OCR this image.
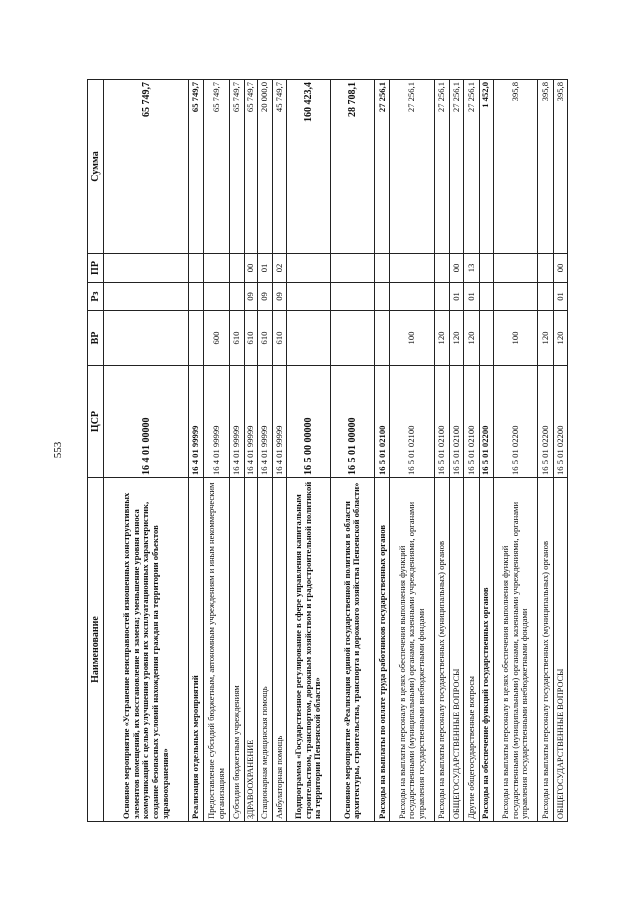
553
Наименование	ЦСР	ВР	Рз	ПР	Сумма
Основное мероприятие «Устранение неисправностей изношенных конструктивных элементов помещений, их восстановление и замена; уменьшение уровня износа коммуникаций с целью улучшения уровня их эксплуатационных характеристик, создание безопасных условий нахождения граждан на территории объектов здравоохранения»	16 4 01 00000				65 749,7
Реализация отдельных мероприятий	16 4 01 99999				65 749,7
Предоставление субсидий бюджетным, автономным учреждениям и иным некоммерческим организациям	16 4 01 99999	600			65 749,7
Субсидии бюджетным учреждениям	16 4 01 99999	610			65 749,7
ЗДРАВООХРАНЕНИЕ	16 4 01 99999	610	09	00	65 749,7
Стационарная медицинская помощь	16 4 01 99999	610	09	01	20 000,0
Амбулаторная помощь	16 4 01 99999	610	09	02	45 749,7
Подпрограмма «Государственное регулирование в сфере управления капитальным строительством, транспортом, дорожным хозяйством и градостроительной политикой на территории Пензенской области»	16 5 00 00000				160 423,4
Основное мероприятие «Реализация единой государственной политики в области архитектуры, строительства, транспорта и дорожного хозяйства Пензенской области»	16 5 01 00000				28 708,1
Расходы на выплаты по оплате труда работников государственных органов	16 5 01 02100				27 256,1
Расходы на выплаты персоналу в целях обеспечения выполнения функций государственными (муниципальными) органами, казенными учреждениями, органами управления государственными внебюджетными фондами	16 5 01 02100	100			27 256,1
Расходы на выплаты персоналу государственных (муниципальных) органов	16 5 01 02100	120			27 256,1
ОБЩЕГОСУДАРСТВЕННЫЕ ВОПРОСЫ	16 5 01 02100	120	01	00	27 256,1
Другие общегосударственные вопросы	16 5 01 02100	120	01	13	27 256,1
Расходы на обеспечение функций государственных органов	16 5 01 02200				1 452,0
Расходы на выплаты персоналу в целях обеспечения выполнения функций государственными (муниципальными) органами, казенными учреждениями, органами управления государственными внебюджетными фондами	16 5 01 02200	100			395,8
Расходы на выплаты персоналу государственных (муниципальных) органов	16 5 01 02200	120			395,8
ОБЩЕГОСУДАРСТВЕННЫЕ ВОПРОСЫ	16 5 01 02200	120	01	00	395,8
